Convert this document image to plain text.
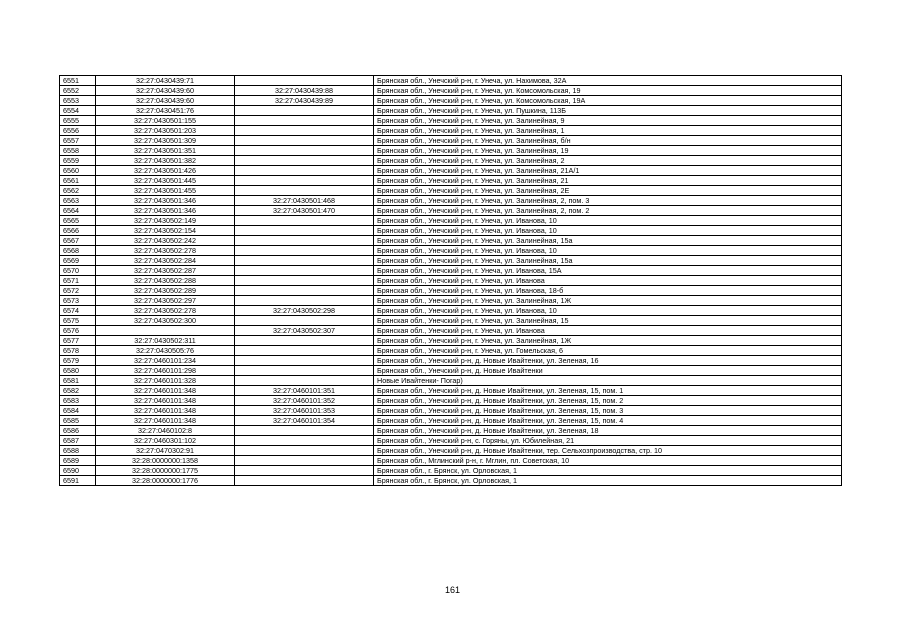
6551	32:27:0430439:71		Брянская обл., Унечский р-н, г. Унеча, ул. Нахимова, 32А
6552	32:27:0430439:60	32:27:0430439:88	Брянская обл., Унечский р-н, г. Унеча, ул. Комсомольская, 19
6553	32:27:0430439:60	32:27:0430439:89	Брянская обл., Унечский р-н, г. Унеча, ул. Комсомольская, 19А
6554	32:27:0430451:76		Брянская обл., Унечский р-н, г. Унеча, ул. Пушкина, 113Б
6555	32:27:0430501:155		Брянская обл., Унечский р-н, г. Унеча, ул. Залинейная, 9
6556	32:27:0430501:203		Брянская обл., Унечский р-н, г. Унеча, ул. Залинейная, 1
6557	32:27:0430501:309		Брянская обл., Унечский р-н, г. Унеча, ул. Залинейная, б/н
6558	32:27:0430501:351		Брянская обл., Унечский р-н, г. Унеча, ул. Залинейная, 19
6559	32:27:0430501:382		Брянская обл., Унечский р-н, г. Унеча, ул. Залинейная, 2
6560	32:27:0430501:426		Брянская обл., Унечский р-н, г. Унеча, ул. Залинейная, 21А/1
6561	32:27:0430501:445		Брянская обл., Унечский р-н, г. Унеча, ул. Залинейная, 21
6562	32:27:0430501:455		Брянская обл., Унечский р-н, г. Унеча, ул. Залинейная, 2Е
6563	32:27:0430501:346	32:27:0430501:468	Брянская обл., Унечский р-н, г. Унеча, ул. Залинейная, 2, пом. 3
6564	32:27:0430501:346	32:27:0430501:470	Брянская обл., Унечский р-н, г. Унеча, ул. Залинейная, 2, пом. 2
6565	32:27:0430502:149		Брянская обл., Унечский р-н, г. Унеча, ул. Иванова, 10
6566	32:27:0430502:154		Брянская обл., Унечский р-н, г. Унеча, ул. Иванова, 10
6567	32:27:0430502:242		Брянская обл., Унечский р-н, г. Унеча, ул. Залинейная, 15а
6568	32:27:0430502:278		Брянская обл., Унечский р-н, г. Унеча, ул. Иванова, 10
6569	32:27:0430502:284		Брянская обл., Унечский р-н, г. Унеча, ул. Залинейная, 15а
6570	32:27:0430502:287		Брянская обл., Унечский р-н, г. Унеча, ул. Иванова, 15А
6571	32:27:0430502:288		Брянская обл., Унечский р-н, г. Унеча, ул. Иванова
6572	32:27:0430502:289		Брянская обл., Унечский р-н, г. Унеча, ул. Иванова, 18-б
6573	32:27:0430502:297		Брянская обл., Унечский р-н, г. Унеча, ул. Залинейная, 1Ж
6574	32:27:0430502:278	32:27:0430502:298	Брянская обл., Унечский р-н, г. Унеча, ул. Иванова, 10
6575	32:27:0430502:300		Брянская обл., Унечский р-н, г. Унеча, ул. Залинейная, 15
6576		32:27:0430502:307	Брянская обл., Унечский р-н, г. Унеча, ул. Иванова
6577	32:27:0430502:311		Брянская обл., Унечский р-н, г. Унеча, ул. Залинейная, 1Ж
6578	32:27:0430505:76		Брянская обл., Унечский р-н, г. Унеча, ул. Гомельская, 6
6579	32:27:0460101:234		Брянская обл., Унечский р-н, д. Новые Ивайтенки, ул. Зеленая, 16
6580	32:27:0460101:298		Брянская обл., Унечский р-н, д. Новые Ивайтенки
6581	32:27:0460101:328		Новые Ивайтенки- Погар)
6582	32:27:0460101:348	32:27:0460101:351	Брянская обл., Унечский р-н, д. Новые Ивайтенки, ул. Зеленая, 15, пом. 1
6583	32:27:0460101:348	32:27:0460101:352	Брянская обл., Унечский р-н, д. Новые Ивайтенки, ул. Зеленая, 15, пом. 2
6584	32:27:0460101:348	32:27:0460101:353	Брянская обл., Унечский р-н, д. Новые Ивайтенки, ул. Зеленая, 15, пом. 3
6585	32:27:0460101:348	32:27:0460101:354	Брянская обл., Унечский р-н, д. Новые Ивайтенки, ул. Зеленая, 15, пом. 4
6586	32:27:0460102:8		Брянская обл., Унечский р-н, д. Новые Ивайтенки, ул. Зеленая, 18
6587	32:27:0460301:102		Брянская обл., Унечский р-н, с. Горяны, ул. Юбилейная, 21
6588	32:27:0470302:91		Брянская обл., Унечский р-н, д. Новые Ивайтенки, тер. Сельхозпроизводства, стр. 10
6589	32:28:0000000:1358		Брянская обл., Мглинский р-н, г. Мглин, пл. Советская, 10
6590	32:28:0000000:1775		Брянская обл., г. Брянск, ул. Орловская, 1
6591	32:28:0000000:1776		Брянская обл., г. Брянск, ул. Орловская, 1
161
